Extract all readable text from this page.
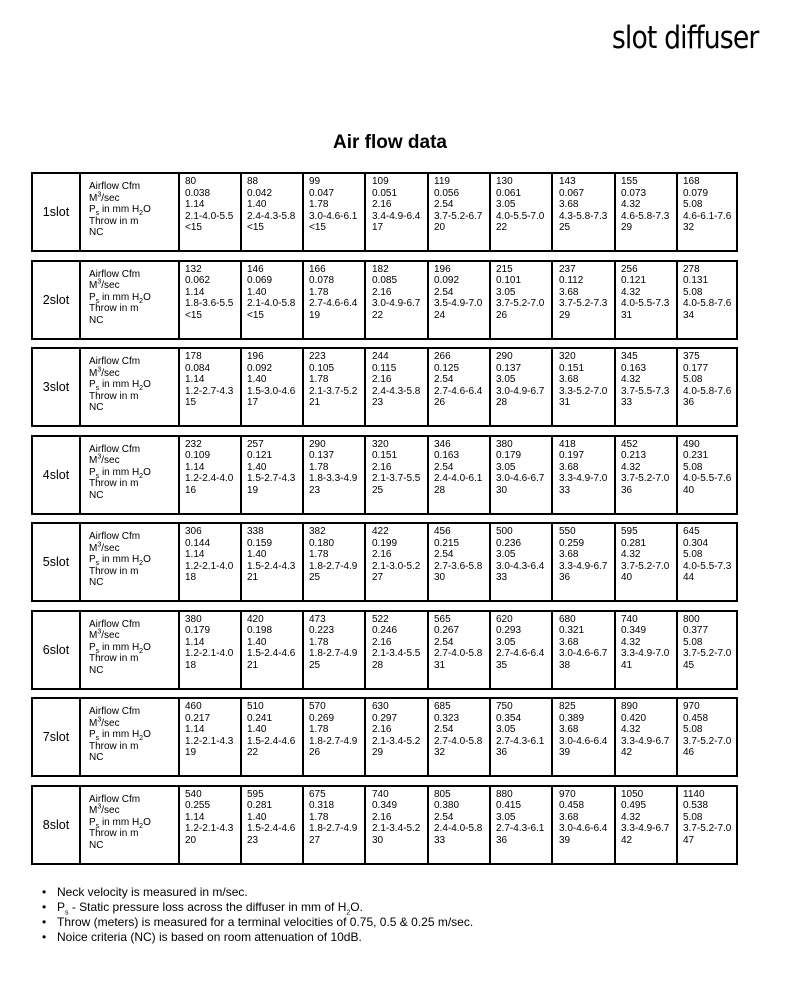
slot diffuser
Air flow data
1 slot
Airflow Cfm
$M^3/\sec$
$P_s$ in mm $H_2O$
Throw in m
NC
80
0.038
1.14
2.1-4.0-5.5
<15
88
0.042
1.40
2.4-4.3-5.8
<15
99
0.047
1.78
3.0-4.6-6.1
<15
109
0.051
2.16
3.4-4.9-6.4
17
119
0.056
2.54
3.7-5.2-6.7
20
130
0.061
3.05
4.0-5.5-7.0
22
143
0.067
3.68
4.3-5.8-7.3
25
155
0.073
4.32
4.6-5.8-7.3
29
168
0.079
5.08
4.6-6.1-7.6
32
2 slot
Airflow Cfm
$M^3/\sec$
$P_s$ in mm $H_2O$
Throw in m
NC
132
0.062
1.14
1.8-3.6-5.5
<15
146
0.069
1.40
2.1-4.0-5.8
<15
166
0.078
1.78
2.7-4.6-6.4
19
182
0.085
2.16
3.0-4.9-6.7
22
196
0.092
2.54
3.5-4.9-7.0
24
215
0.101
3.05
3.7-5.2-7.0
26
237
0.112
3.68
3.7-5.2-7.3
29
256
0.121
4.32
4.0-5.5-7.3
31
278
0.131
5.08
4.0-5.8-7.6
34
3 slot
Airflow Cfm
$M^3/\sec$
$P_s$ in mm $H_2O$
Throw in m
NC
178
0.084
1.14
1.2-2.7-4.3
15
196
0.092
1.40
1.5-3.0-4.6
17
223
0.105
1.78
2.1-3.7-5.2
21
244
0.115
2.16
2.4-4.3-5.8
23
266
0.125
2.54
2.7-4.6-6.4
26
290
0.137
3.05
3.0-4.9-6.7
28
320
0.151
3.68
3.3-5.2-7.0
31
345
0.163
4.32
3.7-5.5-7.3
33
375
0.177
5.08
4.0-5.8-7.6
36
4 slot
Airflow Cfm
$M^3/\sec$
$P_s$ in mm $H_2O$
Throw in m
NC
232
0.109
1.14
1.2-2.4-4.0
16
257
0.121
1.40
1.5-2.7-4.3
19
290
0.137
1.78
1.8-3.3-4.9
23
320
0.151
2.16
2.1-3.7-5.5
25
346
0.163
2.54
2.4-4.0-6.1
28
380
0.179
3.05
3.0-4.6-6.7
30
418
0.197
3.68
3.3-4.9-7.0
33
452
0.213
4.32
3.7-5.2-7.0
36
490
0.231
5.08
4.0-5.5-7.6
40
5 slot
Airflow Cfm
$M^3/\sec$
$P_s$ in mm $H_2O$
Throw in m
NC
306
0.144
1.14
1.2-2.1-4.0
18
338
0.159
1.40
1.5-2.4-4.3
21
382
0.180
1.78
1.8-2.7-4.9
25
422
0.199
2.16
2.1-3.0-5.2
27
456
0.215
2.54
2.7-3.6-5.8
30
500
0.236
3.05
3.0-4.3-6.4
33
550
0.259
3.68
3.3-4.9-6.7
36
595
0.281
4.32
3.7-5.2-7.0
40
645
0.304
5.08
4.0-5.5-7.3
44
6 slot
Airflow Cfm
$M^3/\sec$
$P_s$ in mm $H_2O$
Throw in m
NC
380
0.179
1.14
1.2-2.1-4.0
18
420
0.198
1.40
1.5-2.4-4.6
21
473
0.223
1.78
1.8-2.7-4.9
25
522
0.246
2.16
2.1-3.4-5.5
28
565
0.267
2.54
2.7-4.0-5.8
31
620
0.293
3.05
2.7-4.6-6.4
35
680
0.321
3.68
3.0-4.6-6.7
38
740
0.349
4.32
3.3-4.9-7.0
41
800
0.377
5.08
3.7-5.2-7.0
45
7 slot
Airflow Cfm
$M^3/\sec$
$P_s$ in mm $H_2O$
Throw in m
NC
460
0.217
1.14
1.2-2.1-4.3
19
510
0.241
1.40
1.5-2.4-4.6
22
570
0.269
1.78
1.8-2.7-4.9
26
630
0.297
2.16
2.1-3.4-5.2
29
685
0.323
2.54
2.7-4.0-5.8
32
750
0.354
3.05
2.7-4.3-6.1
36
825
0.389
3.68
3.0-4.6-6.4
39
890
0.420
4.32
3.3-4.9-6.7
42
970
0.458
5.08
3.7-5.2-7.0
46
8 slot
Airflow Cfm
$M^3/\sec$
$P_s$ in mm $H_2O$
Throw in m
NC
540
0.255
1.14
1.2-2.1-4.3
20
595
0.281
1.40
1.5-2.4-4.6
23
675
0.318
1.78
1.8-2.7-4.9
27
740
0.349
2.16
2.1-3.4-5.2
30
805
0.380
2.54
2.4-4.0-5.8
33
880
0.415
3.05
2.7-4.3-6.1
36
970
0.458
3.68
3.0-4.6-6.4
39
1050
0.495
4.32
3.3-4.9-6.7
42
1140
0.538
5.08
3.7-5.2-7.0
47
• Neck velocity is measured in m/sec.
• $P_s$ - Static pressure loss across the diffuser in mm of $H_2O$.
• Throw (meters) is measured for a terminal velocities of 0.75, 0.5 & 0.25 m/sec.
• Noice criteria (NC) is based on room attenuation of 10dB.
